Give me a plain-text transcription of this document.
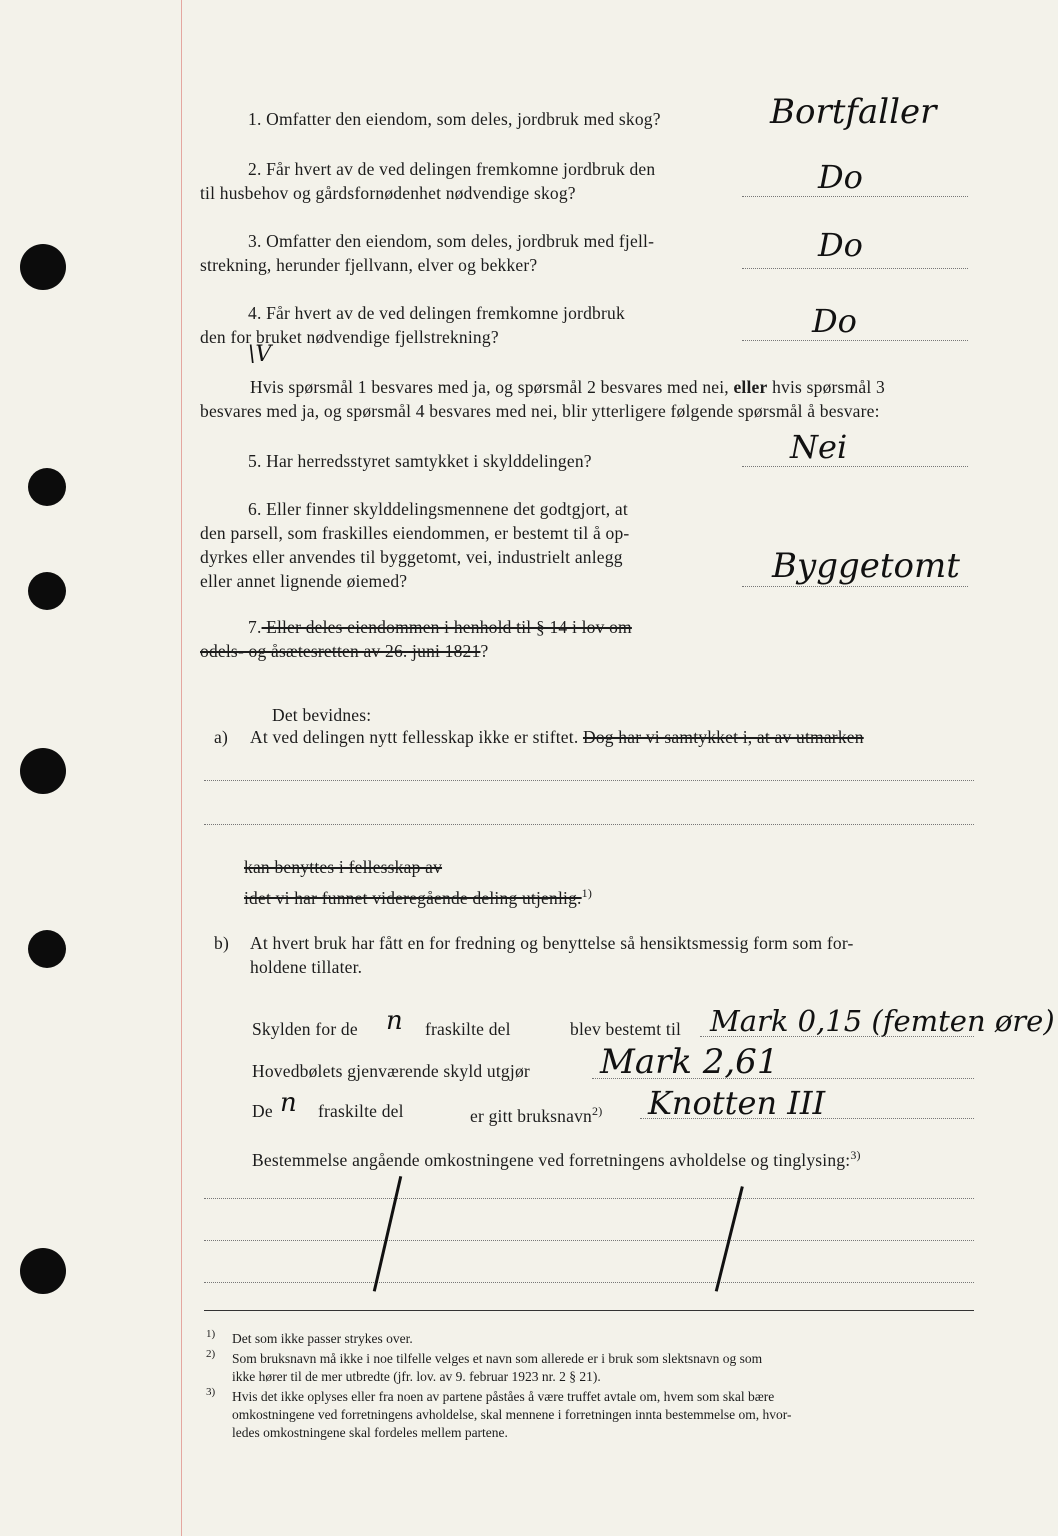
1. Omfatter den eiendom, som deles, jordbruk med skog?	Bortfaller
2. Får hvert av de ved delingen fremkomne jordbruk den
til husbehov og gårdsfornødenhet nødvendige skog?	Do
3. Omfatter den eiendom, som deles, jordbruk med fjell-
strekning, herunder fjellvann, elver og bekker?
Do
4. Får hvert av de ved delingen fremkomne jordbruk
den for bruket nødvendige fjellstrekning?	Do
\V
Hvis spørsmål 1 besvares med ja, og spørsmål 2 besvares med nei, eller hvis spørsmål 3
besvares med ja, og spørsmål 4 besvares med nei, blir ytterligere følgende spørsmål å besvare:
5. Har herredsstyret samtykket i skylddelingen?	Nei
6. Eller finner skylddelingsmennene det godtgjort, at
den parsell, som fraskilles eiendommen, er bestemt til å op-
dyrkes eller anvendes til byggetomt, vei, industrielt anlegg
eller annet lignende øiemed?	Byggetomt
7. Eller deles eiendommen i henhold til § 14 i lov om
odels- og åsætesretten av 26. juni 1821?
Det bevidnes:
a) At ved delingen nytt fellesskap ikke er stiftet. Dog har vi samtykket i, at av utmarken
kan benyttes i fellesskap av
idet vi har funnet videregående deling utjenlig.$^{1)}$
b) At hvert bruk har fått en for fredning og benyttelse så hensiktsmessig form som for-
holdene tillater.
Skylden for de n fraskilte del	blev bestemt til Mark 0,15 (femten øre)
Hovedbølets gjenværende skyld utgjør Mark 2,61
De n fraskilte del	er gitt bruksnavn$^{2)}$ Knotten III
Bestemmelse angående omkostningene ved forretningens avholdelse og tinglysing:$^{3)}$
1) Det som ikke passer strykes over.
2) Som bruksnavn må ikke i noe tilfelle velges et navn som allerede er i bruk som slektsnavn og som
ikke hører til de mer utbredte (jfr. lov. av 9. februar 1923 nr. 2 § 21).
3) Hvis det ikke oplyses eller fra noen av partene påståes å være truffet avtale om, hvem som skal bære
omkostningene ved forretningens avholdelse, skal mennene i forretningen innta bestemmelse om, hvor-
ledes omkostningene skal fordeles mellem partene.
